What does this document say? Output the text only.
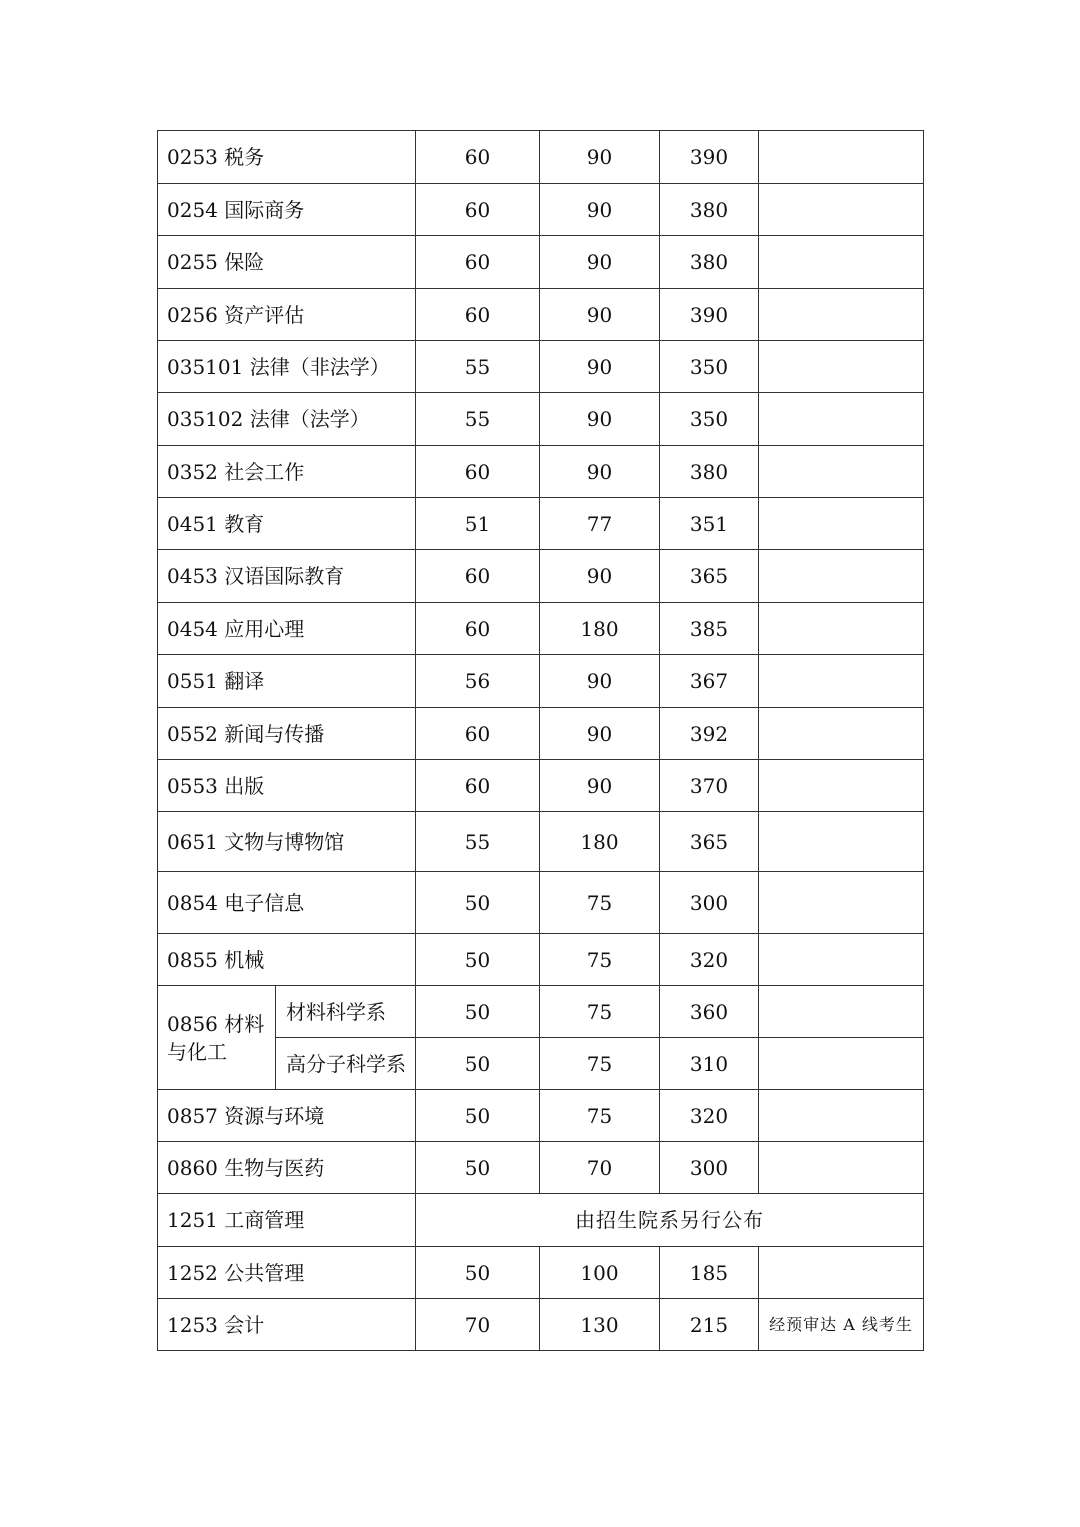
0253 税务		60	90	390	
0254 国际商务		60	90	380	
0255 保险		60	90	380	
0256 资产评估		60	90	390	
035101 法律（非法学）		55	90	350	
035102 法律（法学）		55	90	350	
0352 社会工作		60	90	380	
0451 教育		51	77	351	
0453 汉语国际教育		60	90	365	
0454 应用心理		60	180	385	
0551 翻译		56	90	367	
0552 新闻与传播		60	90	392	
0553 出版		60	90	370	
0651 文物与博物馆		55	180	365	
0854 电子信息		50	75	300	
0855 机械		50	75	320	
0856 材料与化工	材料科学系	50	75	360	
	高分子科学系	50	75	310	
0857 资源与环境		50	75	320	
0860 生物与医药		50	70	300	
1251 工商管理		由招生院系另行公布			
1252 公共管理		50	100	185	
1253 会计		70	130	215	经预审达 A 线考生
